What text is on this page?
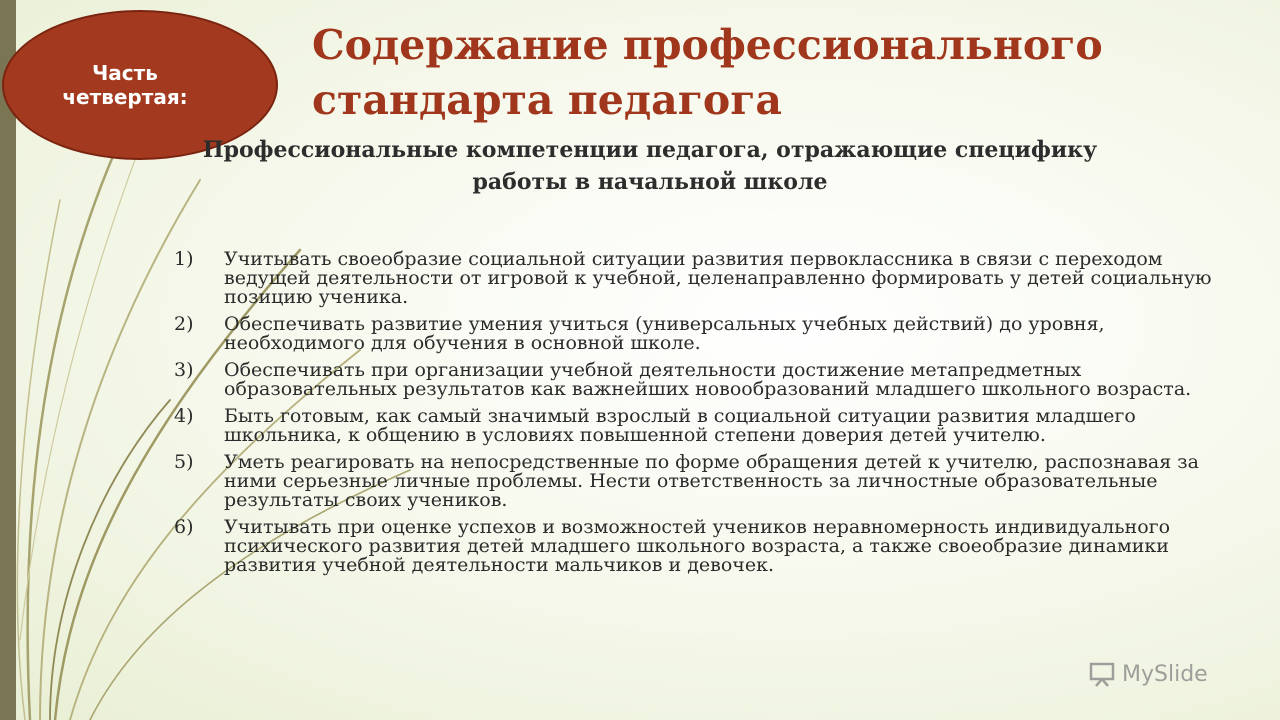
Часть четвертая:
Содержание профессионального стандарта педагога
Профессиональные компетенции педагога, отражающие специфику работы в начальной школе
1) Учитывать своеобразие социальной ситуации развития первоклассника в связи с переходом ведущей деятельности от игровой к учебной, целенаправленно формировать у детей социальную позицию ученика.
2) Обеспечивать развитие умения учиться (универсальных учебных действий) до уровня, необходимого для обучения в основной школе.
3) Обеспечивать при организации учебной деятельности достижение метапредметных образовательных результатов как важнейших новообразований младшего школьного возраста.
4) Быть готовым, как самый значимый взрослый в социальной ситуации развития младшего школьника, к общению в условиях повышенной степени доверия детей учителю.
5) Уметь реагировать на непосредственные по форме обращения детей к учителю, распознавая за ними серьезные личные проблемы. Нести ответственность за личностные образовательные результаты своих учеников.
6) Учитывать при оценке успехов и возможностей учеников неравномерность индивидуального психического развития детей младшего школьного возраста, а также своеобразие динамики развития учебной деятельности мальчиков и девочек.
MySlide
